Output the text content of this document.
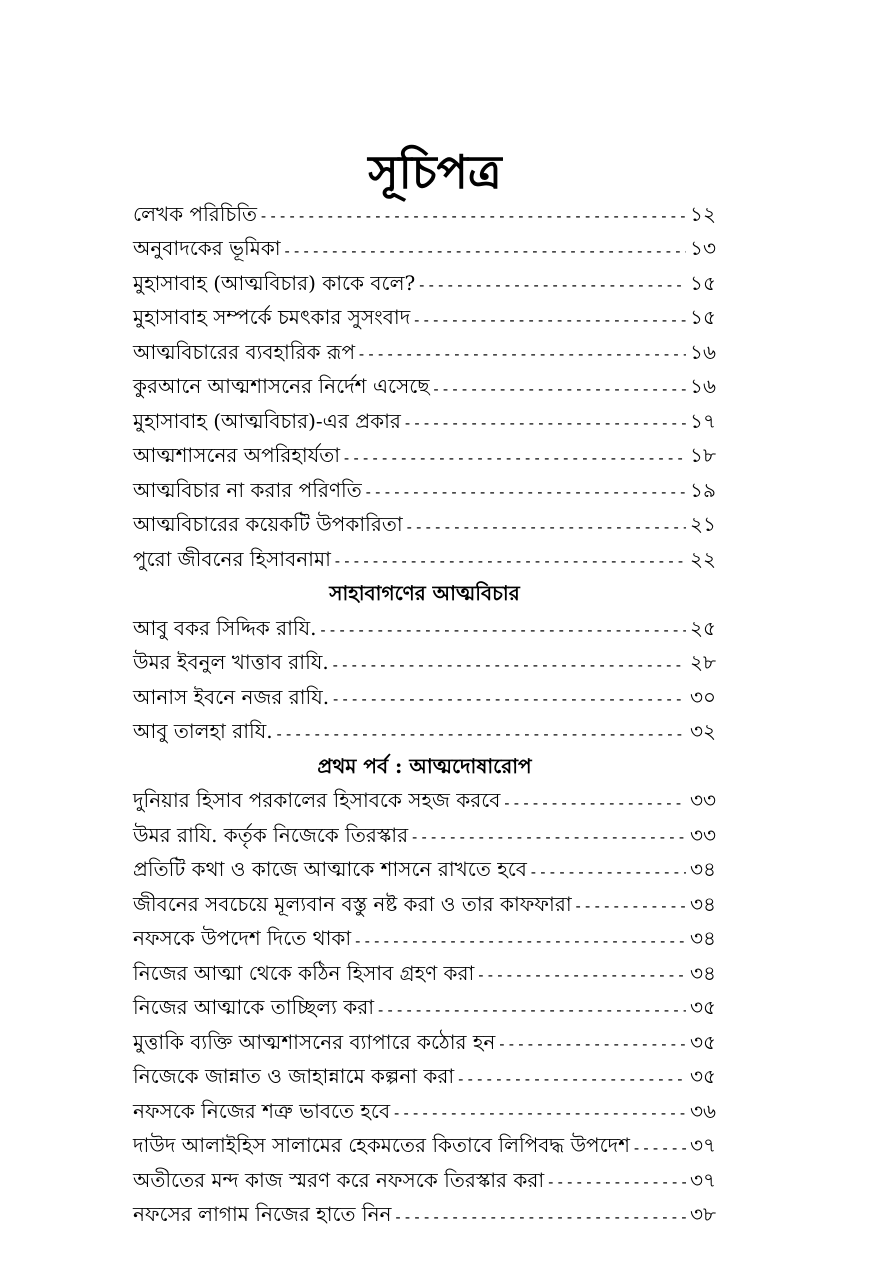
সূচিপত্র
লেখক পরিচিতি -----	১২
অনুবাদকের ভূমিকা -----	১৩
মুহাসাবাহ (আত্মবিচার) কাকে বলে? -----	১৫
মুহাসাবাহ সম্পর্কে চমৎকার সুসংবাদ -----	১৫
আত্মবিচারের ব্যবহারিক রূপ -----	১৬
কুরআনে আত্মশাসনের নির্দেশ এসেছে -----	১৬
মুহাসাবাহ (আত্মবিচার)-এর প্রকার -----	১৭
আত্মশাসনের অপরিহার্যতা -----	১৮
আত্মবিচার না করার পরিণতি -----	১৯
আত্মবিচারের কয়েকটি উপকারিতা -----	২১
পুরো জীবনের হিসাবনামা -----	২২
সাহাবাগণের আত্মবিচার
আবু বকর সিদ্দিক রাযি. -----	২৫
উমর ইবনুল খাত্তাব রাযি. -----	২৮
আনাস ইবনে নজর রাযি. -----	৩০
আবু তালহা রাযি. -----	৩২
প্রথম পর্ব : আত্মদোষারোপ
দুনিয়ার হিসাব পরকালের হিসাবকে সহজ করবে -----	৩৩
উমর রাযি. কর্তৃক নিজেকে তিরস্কার -----	৩৩
প্রতিটি কথা ও কাজে আত্মাকে শাসনে রাখতে হবে -----	৩৪
জীবনের সবচেয়ে মূল্যবান বস্তু নষ্ট করা ও তার কাফফারা -----	৩৪
নফসকে উপদেশ দিতে থাকা -----	৩৪
নিজের আত্মা থেকে কঠিন হিসাব গ্রহণ করা -----	৩৪
নিজের আত্মাকে তাচ্ছিল্য করা -----	৩৫
মুত্তাকি ব্যক্তি আত্মশাসনের ব্যাপারে কঠোর হন -----	৩৫
নিজেকে জান্নাত ও জাহান্নামে কল্পনা করা -----	৩৫
নফসকে নিজের শত্রু ভাবতে হবে -----	৩৬
দাউদ আলাইহিস সালামের হেকমতের কিতাবে লিপিবদ্ধ উপদেশ -----	৩৭
অতীতের মন্দ কাজ স্মরণ করে নফসকে তিরস্কার করা -----	৩৭
নফসের লাগাম নিজের হাতে নিন -----	৩৮
